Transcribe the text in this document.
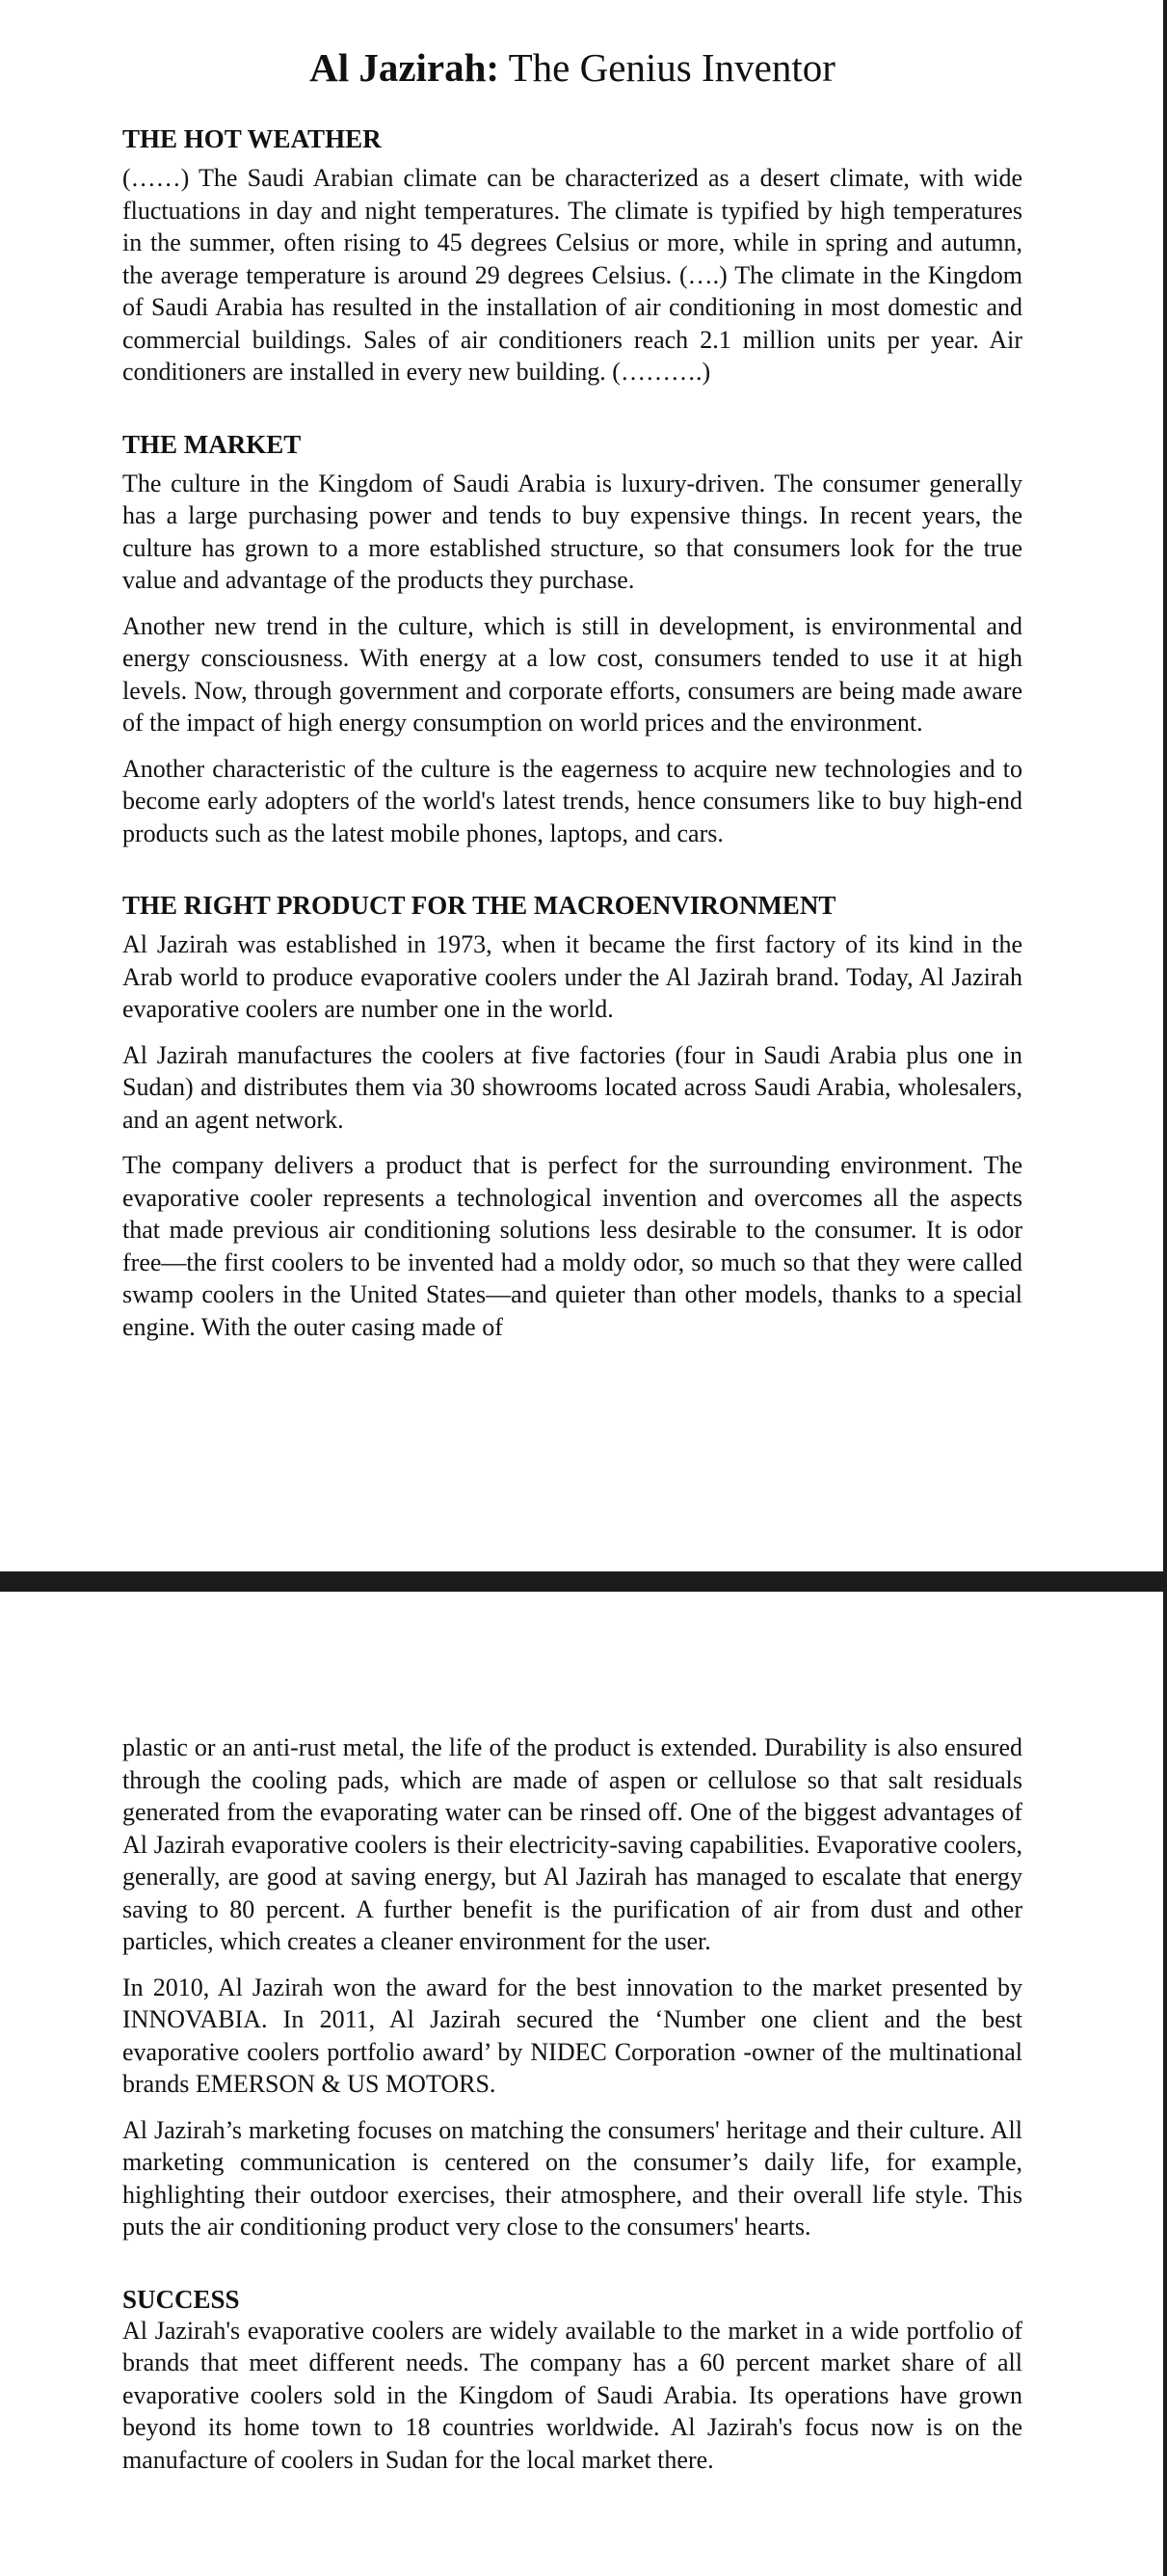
Al Jazirah: The Genius Inventor
THE HOT WEATHER

(……) The Saudi Arabian climate can be characterized as a desert climate, with wide fluctuations in day and night temperatures. The climate is typified by high temperatures in the summer, often rising to 45 degrees Celsius or more, while in spring and autumn, the average temperature is around 29 degrees Celsius. (….) The climate in the Kingdom of Saudi Arabia has resulted in the installation of air conditioning in most domestic and commercial buildings. Sales of air conditioners reach 2.1 million units per year. Air conditioners are installed in every new building. (……….)

THE MARKET

The culture in the Kingdom of Saudi Arabia is luxury-driven. The consumer generally has a large purchasing power and tends to buy expensive things. In recent years, the culture has grown to a more established structure, so that consumers look for the true value and advantage of the products they purchase.

Another new trend in the culture, which is still in development, is environmental and energy consciousness. With energy at a low cost, consumers tended to use it at high levels. Now, through government and corporate efforts, consumers are being made aware of the impact of high energy consumption on world prices and the environment.

Another characteristic of the culture is the eagerness to acquire new technologies and to become early adopters of the world's latest trends, hence consumers like to buy high-end products such as the latest mobile phones, laptops, and cars.

THE RIGHT PRODUCT FOR THE MACROENVIRONMENT

Al Jazirah was established in 1973, when it became the first factory of its kind in the Arab world to produce evaporative coolers under the Al Jazirah brand. Today, Al Jazirah evaporative coolers are number one in the world.

Al Jazirah manufactures the coolers at five factories (four in Saudi Arabia plus one in Sudan) and distributes them via 30 showrooms located across Saudi Arabia, wholesalers, and an agent network.

The company delivers a product that is perfect for the surrounding environment. The evaporative cooler represents a technological invention and overcomes all the aspects that made previous air conditioning solutions less desirable to the consumer. It is odor free—the first coolers to be invented had a moldy odor, so much so that they were called swamp coolers in the United States—and quieter than other models, thanks to a special engine. With the outer casing made of

plastic or an anti-rust metal, the life of the product is extended. Durability is also ensured through the cooling pads, which are made of aspen or cellulose so that salt residuals generated from the evaporating water can be rinsed off. One of the biggest advantages of Al Jazirah evaporative coolers is their electricity-saving capabilities. Evaporative coolers, generally, are good at saving energy, but Al Jazirah has managed to escalate that energy saving to 80 percent. A further benefit is the purification of air from dust and other particles, which creates a cleaner environment for the user.

In 2010, Al Jazirah won the award for the best innovation to the market presented by INNOVABIA. In 2011, Al Jazirah secured the ‘Number one client and the best evaporative coolers portfolio award’ by NIDEC Corporation -owner of the multinational brands EMERSON & US MOTORS.

Al Jazirah’s marketing focuses on matching the consumers' heritage and their culture. All marketing communication is centered on the consumer’s daily life, for example, highlighting their outdoor exercises, their atmosphere, and their overall life style. This puts the air conditioning product very close to the consumers' hearts.

SUCCESS

Al Jazirah's evaporative coolers are widely available to the market in a wide portfolio of brands that meet different needs. The company has a 60 percent market share of all evaporative coolers sold in the Kingdom of Saudi Arabia. Its operations have grown beyond its home town to 18 countries worldwide. Al Jazirah's focus now is on the manufacture of coolers in Sudan for the local market there.
